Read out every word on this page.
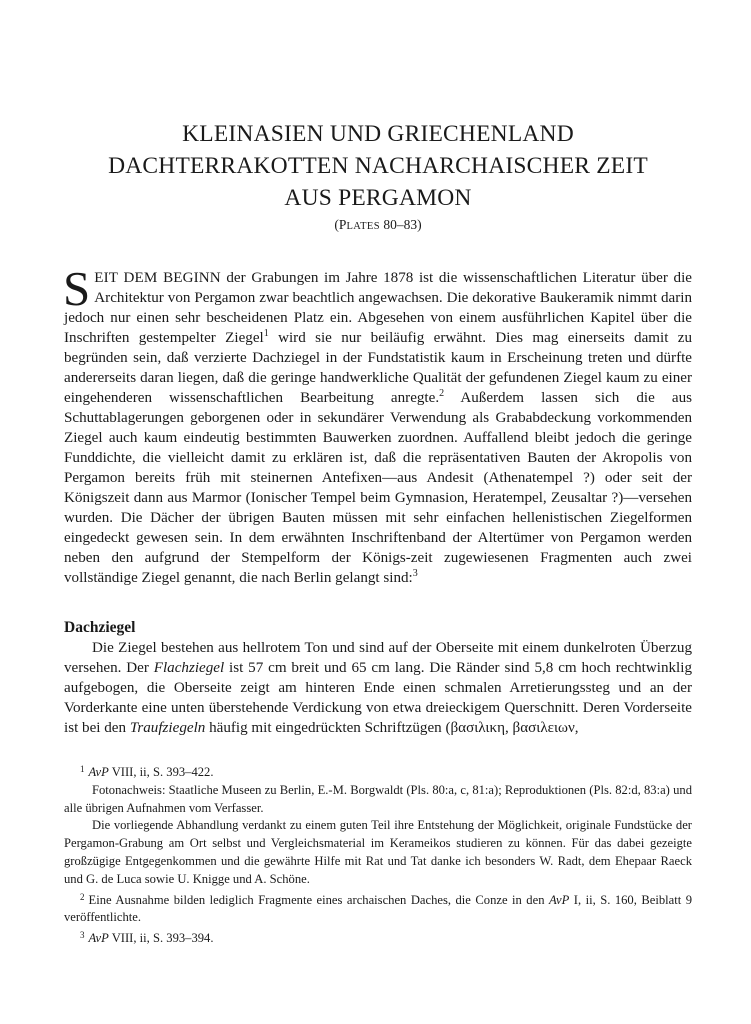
KLEINASIEN UND GRIECHENLAND
DACHTERRAKOTTEN NACHARCHAISCHER ZEIT
AUS PERGAMON
(PLATES 80–83)

SEIT DEM BEGINN der Grabungen im Jahre 1878 ist die wissenschaftlichen Literatur über die Architektur von Pergamon zwar beachtlich angewachsen. Die dekorative Baukeramik nimmt darin jedoch nur einen sehr bescheidenen Platz ein. Abgesehen von einem ausführlichen Kapitel über die Inschriften gestempelter Ziegel$^1$ wird sie nur beiläufig erwähnt. Dies mag einerseits damit zu begründen sein, daß verzierte Dachziegel in der Fundstatistik kaum in Erscheinung treten und dürfte andererseits daran liegen, daß die geringe handwerkliche Qualität der gefundenen Ziegel kaum zu einer eingehenderen wissenschaftlichen Bearbeitung anregte.$^2$ Außerdem lassen sich die aus Schuttablagerungen geborgenen oder in sekundärer Verwendung als Grababdeckung vorkommenden Ziegel auch kaum eindeutig bestimmten Bauwerken zuordnen. Auffallend bleibt jedoch die geringe Funddichte, die vielleicht damit zu erklären ist, daß die repräsentativen Bauten der Akropolis von Pergamon bereits früh mit steinernen Antefixen—aus Andesit (Athenatempel ?) oder seit der Königszeit dann aus Marmor (Ionischer Tempel beim Gymnasion, Heratempel, Zeusaltar ?)—versehen wurden. Die Dächer der übrigen Bauten müssen mit sehr einfachen hellenistischen Ziegelformen eingedeckt gewesen sein. In dem erwähnten Inschriftenband der Altertümer von Pergamon werden neben den aufgrund der Stempelform der Königs-zeit zugewiesenen Fragmenten auch zwei vollständige Ziegel genannt, die nach Berlin gelangt sind:$^3$

Dachziegel

Die Ziegel bestehen aus hellrotem Ton und sind auf der Oberseite mit einem dunkelroten Überzug versehen. Der Flachziegel ist 57 cm breit und 65 cm lang. Die Ränder sind 5,8 cm hoch rechtwinklig aufgebogen, die Oberseite zeigt am hinteren Ende einen schmalen Arretierungssteg und an der Vorderkante eine unten überstehende Verdickung von etwa dreieckigem Querschnitt. Deren Vorderseite ist bei den Traufziegeln häufig mit eingedrückten Schriftzügen (βασιλικη, βασιλειων,

$^1$ AvP VIII, ii, S. 393–422.

Fotonachweis: Staatliche Museen zu Berlin, E.-M. Borgwaldt (Pls. 80:a, c, 81:a); Reproduktionen (Pls. 82:d, 83:a) und alle übrigen Aufnahmen vom Verfasser.

Die vorliegende Abhandlung verdankt zu einem guten Teil ihre Entstehung der Möglichkeit, originale Fundstücke der Pergamon-Grabung am Ort selbst und Vergleichsmaterial im Kerameikos studieren zu können. Für das dabei gezeigte großzügige Entgegenkommen und die gewährte Hilfe mit Rat und Tat danke ich besonders W. Radt, dem Ehepaar Raeck und G. de Luca sowie U. Knigge und A. Schöne.

$^2$ Eine Ausnahme bilden lediglich Fragmente eines archaischen Daches, die Conze in den AvP I, ii, S. 160, Beiblatt 9 veröffentlichte.

$^3$ AvP VIII, ii, S. 393–394.
